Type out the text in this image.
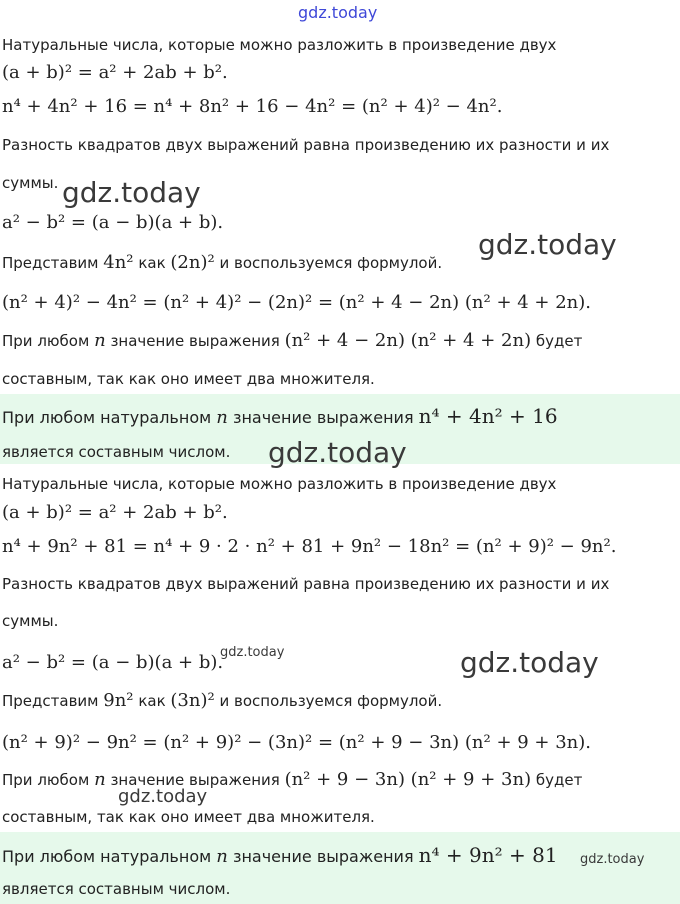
gdz.today
Натуральные числа, которые можно разложить в произведение двух
(a + b)² = a² + 2ab + b².
n⁴ + 4n² + 16 = n⁴ + 8n² + 16 − 4n² = (n² + 4)² − 4n².
Разность квадратов двух выражений равна произведению их разности и их
суммы.
a² − b² = (a − b)(a + b).
Представим 4n² как (2n)² и воспользуемся формулой.
(n² + 4)² − 4n² = (n² + 4)² − (2n)² = (n² + 4 − 2n) (n² + 4 + 2n).
При любом n значение выражения (n² + 4 − 2n) (n² + 4 + 2n) будет
составным, так как оно имеет два множителя.
При любом натуральном n значение выражения n⁴ + 4n² + 16
является составным числом.
Натуральные числа, которые можно разложить в произведение двух
(a + b)² = a² + 2ab + b².
n⁴ + 9n² + 81 = n⁴ + 9 · 2 · n² + 81 + 9n² − 18n² = (n² + 9)² − 9n².
Разность квадратов двух выражений равна произведению их разности и их
суммы.
a² − b² = (a − b)(a + b).
Представим 9n² как (3n)² и воспользуемся формулой.
(n² + 9)² − 9n² = (n² + 9)² − (3n)² = (n² + 9 − 3n) (n² + 9 + 3n).
При любом n значение выражения (n² + 9 − 3n) (n² + 9 + 3n) будет
составным, так как оно имеет два множителя.
При любом натуральном n значение выражения n⁴ + 9n² + 81
является составным числом.
gdz.today
gdz.today
gdz.today
gdz.today	gdz.today
gdz.today
gdz.today
